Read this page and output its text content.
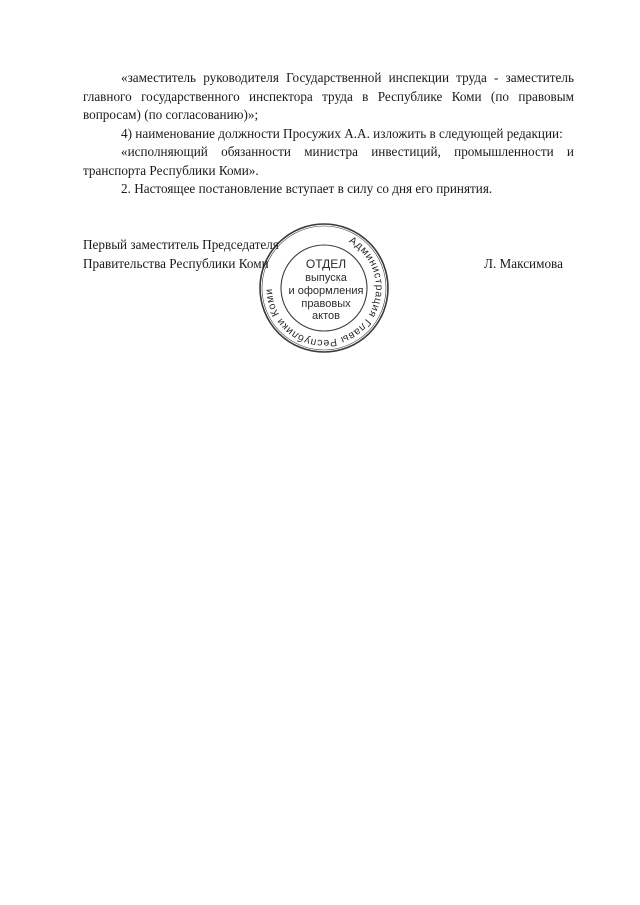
«заместитель руководителя Государственной инспекции труда - заместитель главного государственного инспектора труда в Республике Коми (по правовым вопросам) (по согласованию)»;

4) наименование должности Просужих А.А. изложить в следующей редакции:

«исполняющий обязанности министра инвестиций, промышленности и транспорта Республики Коми».

2. Настоящее постановление вступает в силу со дня его принятия.

Администрация Главы Республики Коми
ОТДЕЛ
выпуска
и оформления
правовых
актов
Первый заместитель Председателя
Правительства Республики Коми	Л. Максимова
